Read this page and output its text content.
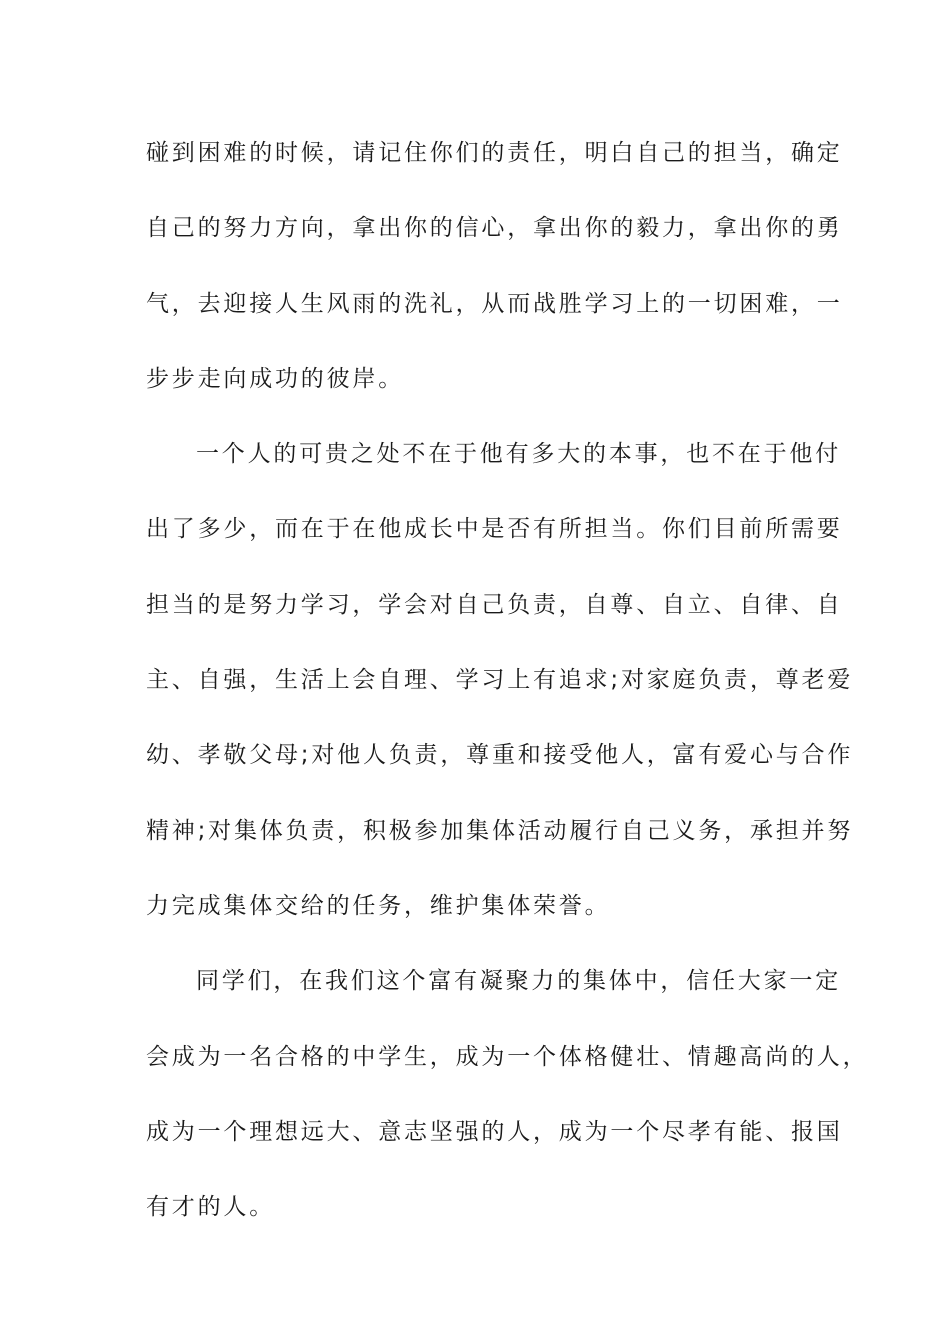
碰到困难的时候，请记住你们的责任，明白自己的担当，确定
自己的努力方向，拿出你的信心，拿出你的毅力，拿出你的勇
气，去迎接人生风雨的洗礼，从而战胜学习上的一切困难，一
步步走向成功的彼岸。
一个人的可贵之处不在于他有多大的本事，也不在于他付
出了多少，而在于在他成长中是否有所担当。你们目前所需要
担当的是努力学习，学会对自己负责，自尊、自立、自律、自
主、自强，生活上会自理、学习上有追求;对家庭负责，尊老爱
幼、孝敬父母;对他人负责，尊重和接受他人，富有爱心与合作
精神;对集体负责，积极参加集体活动履行自己义务，承担并努
力完成集体交给的任务，维护集体荣誉。
同学们，在我们这个富有凝聚力的集体中，信任大家一定
会成为一名合格的中学生，成为一个体格健壮、情趣高尚的人，
成为一个理想远大、意志坚强的人，成为一个尽孝有能、报国
有才的人。
